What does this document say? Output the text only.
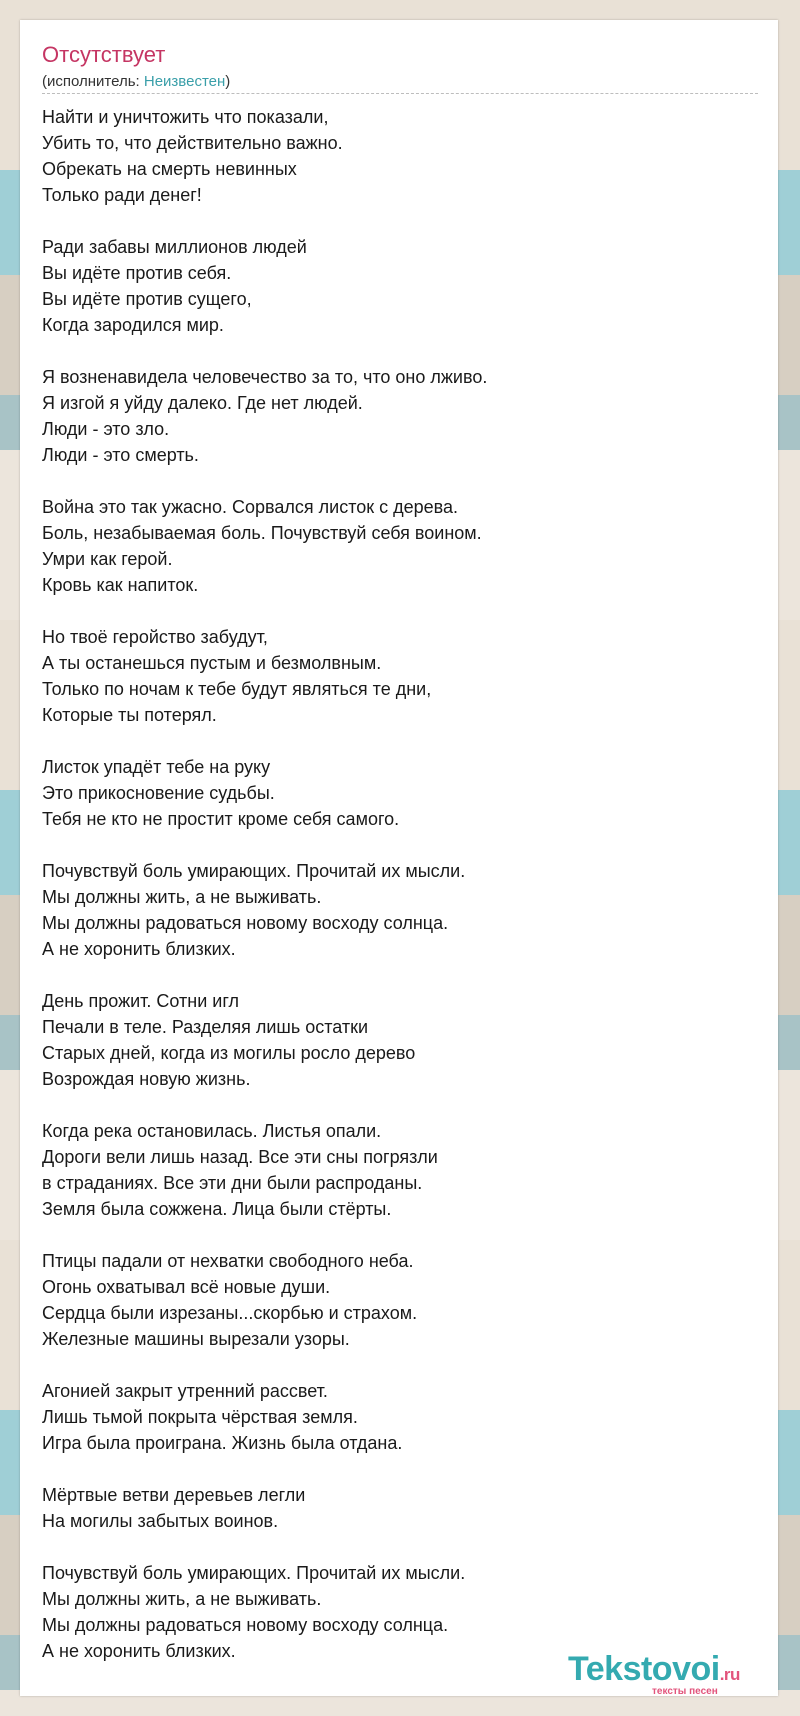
Отсутствует
(исполнитель: Неизвестен)
Найти и уничтожить что показали,
Убить то, что действительно важно.
Обрекать на смерть невинных
Только ради денег!
Ради забавы миллионов людей
Вы идёте против себя.
Вы идёте против сущего,
Когда зародился мир.
Я возненавидела человечество за то, что оно лживо.
Я изгой я уйду далеко. Где нет людей.
Люди - это зло.
Люди - это смерть.
Война это так ужасно. Сорвался листок с дерева.
Боль, незабываемая боль. Почувствуй себя воином.
Умри как герой.
Кровь как напиток.
Но твоё геройство забудут,
А ты останешься пустым и безмолвным.
Только по ночам к тебе будут являться те дни,
Которые ты потерял.
Листок упадёт тебе на руку
Это прикосновение судьбы.
Тебя не кто не простит кроме себя самого.
Почувствуй боль умирающих. Прочитай их мысли.
Мы должны жить, а не выживать.
Мы должны радоваться новому восходу солнца.
А не хоронить близких.
День прожит. Сотни игл
Печали в теле. Разделяя лишь остатки
Старых дней, когда из могилы росло дерево
Возрождая новую жизнь.
Когда река остановилась. Листья опали.
Дороги вели лишь назад. Все эти сны погрязли
в страданиях. Все эти дни были распроданы.
Земля была сожжена. Лица были стёрты.
Птицы падали от нехватки свободного неба.
Огонь охватывал всё новые души.
Сердца были изрезаны...скорбью и страхом.
Железные машины вырезали узоры.
Агонией закрыт утренний рассвет.
Лишь тьмой покрыта чёрствая земля.
Игра была проиграна. Жизнь была отдана.
Мёртвые ветви деревьев легли
На могилы забытых воинов.
Почувствуй боль умирающих. Прочитай их мысли.
Мы должны жить, а не выживать.
Мы должны радоваться новому восходу солнца.
А не хоронить близких.	Tekstovoi.ru
тексты песен
